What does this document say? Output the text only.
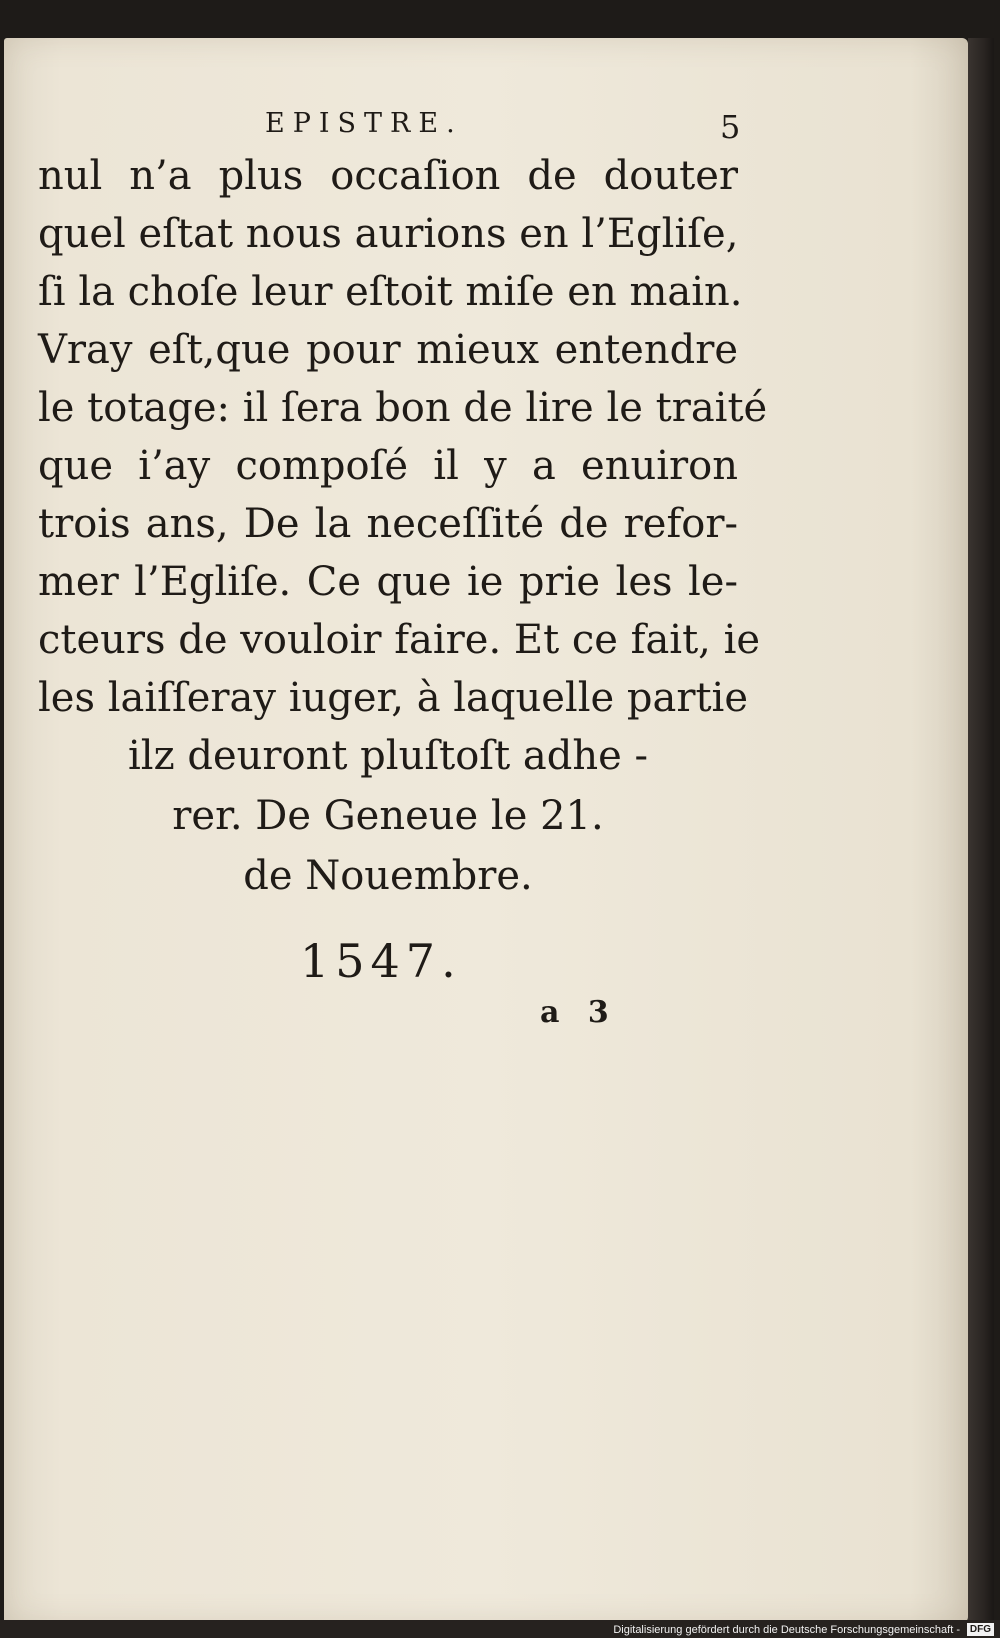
EPISTRE.	5
nul n’a plus occaſion de douter
quel eſtat nous aurions en l’Egliſe,
ſi la choſe leur eſtoit miſe en main.
Vray eſt,que pour mieux entendre
le totage: il ſera bon de lire le traité
que i’ay compoſé il y a enuiron
trois ans, De la neceſſité de refor-
mer l’Egliſe. Ce que ie prie les le-
cteurs de vouloir faire. Et ce fait, ie
les laiſſeray iuger, à laquelle partie
ilz deuront pluſtoſt adhe -
rer. De Geneue le 21.
de Nouembre.
1547.
a 3
Digitalisierung gefördert durch die Deutsche Forschungsgemeinschaft - DFG
